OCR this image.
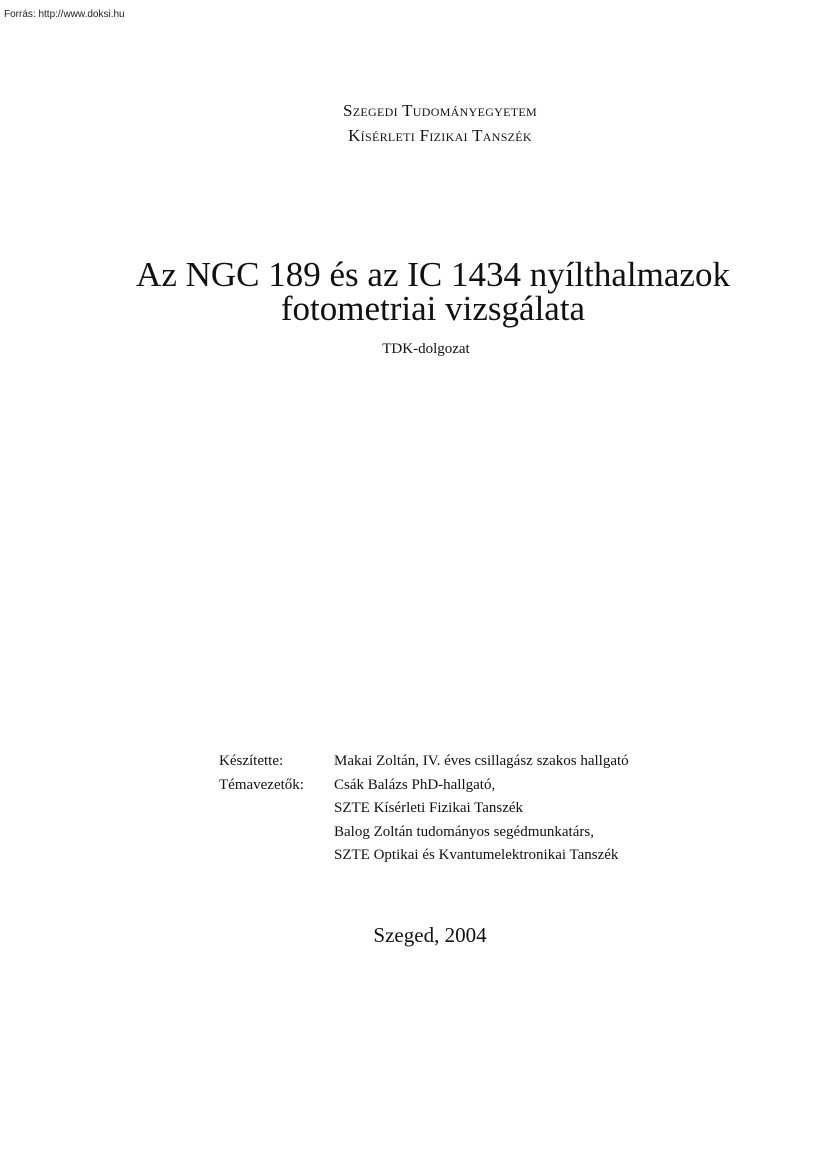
Forrás: http://www.doksi.hu
Szegedi Tudományegyetem
Kísérleti Fizikai Tanszék
Az NGC 189 és az IC 1434 nyílthalmazok
fotometriai vizsgálata
TDK-dolgozat
Készítette:	Makai Zoltán, IV. éves csillagász szakos hallgató
Témavezetők:	Csák Balázs PhD-hallgató,
SZTE Kísérleti Fizikai Tanszék
Balog Zoltán tudományos segédmunkatárs,
SZTE Optikai és Kvantumelektronikai Tanszék
Szeged, 2004
